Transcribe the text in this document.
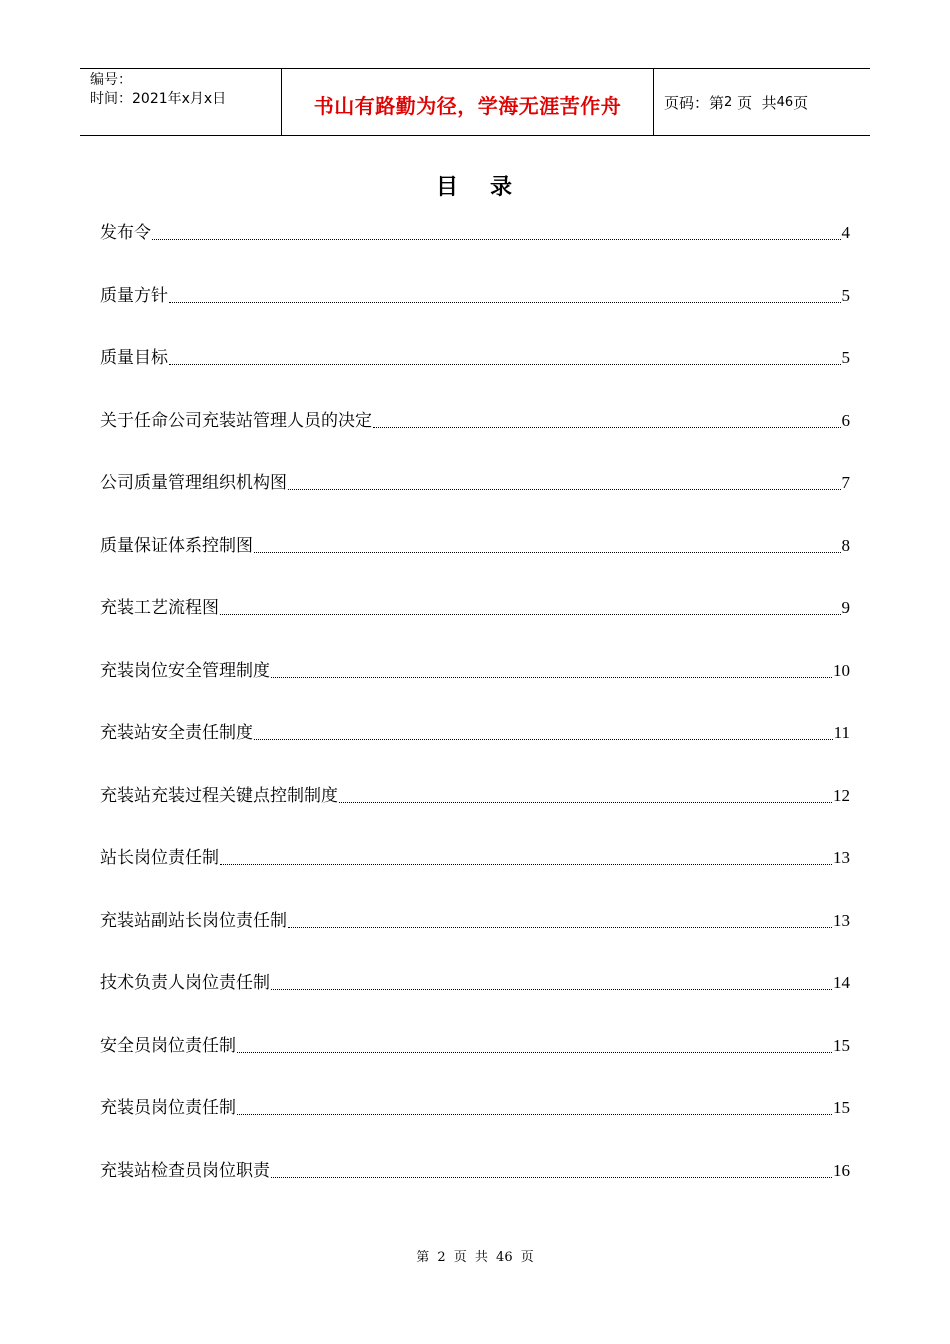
编号：
时间：2021年x月x日	书山有路勤为径，学海无涯苦作舟	页码：第 2
页  共 46 页
目 录
发布令	4
质量方针	5
质量目标	5
关于任命公司充装站管理人员的决定	6
公司质量管理组织机构图	7
质量保证体系控制图	8
充装工艺流程图	9
充装岗位安全管理制度	10
充装站安全责任制度	11
充装站充装过程关键点控制制度	12
站长岗位责任制	13
充装站副站长岗位责任制	13
技术负责人岗位责任制	14
安全员岗位责任制	15
充装员岗位责任制	15
充装站检查员岗位职责	16
第 2 页 共 46 页
